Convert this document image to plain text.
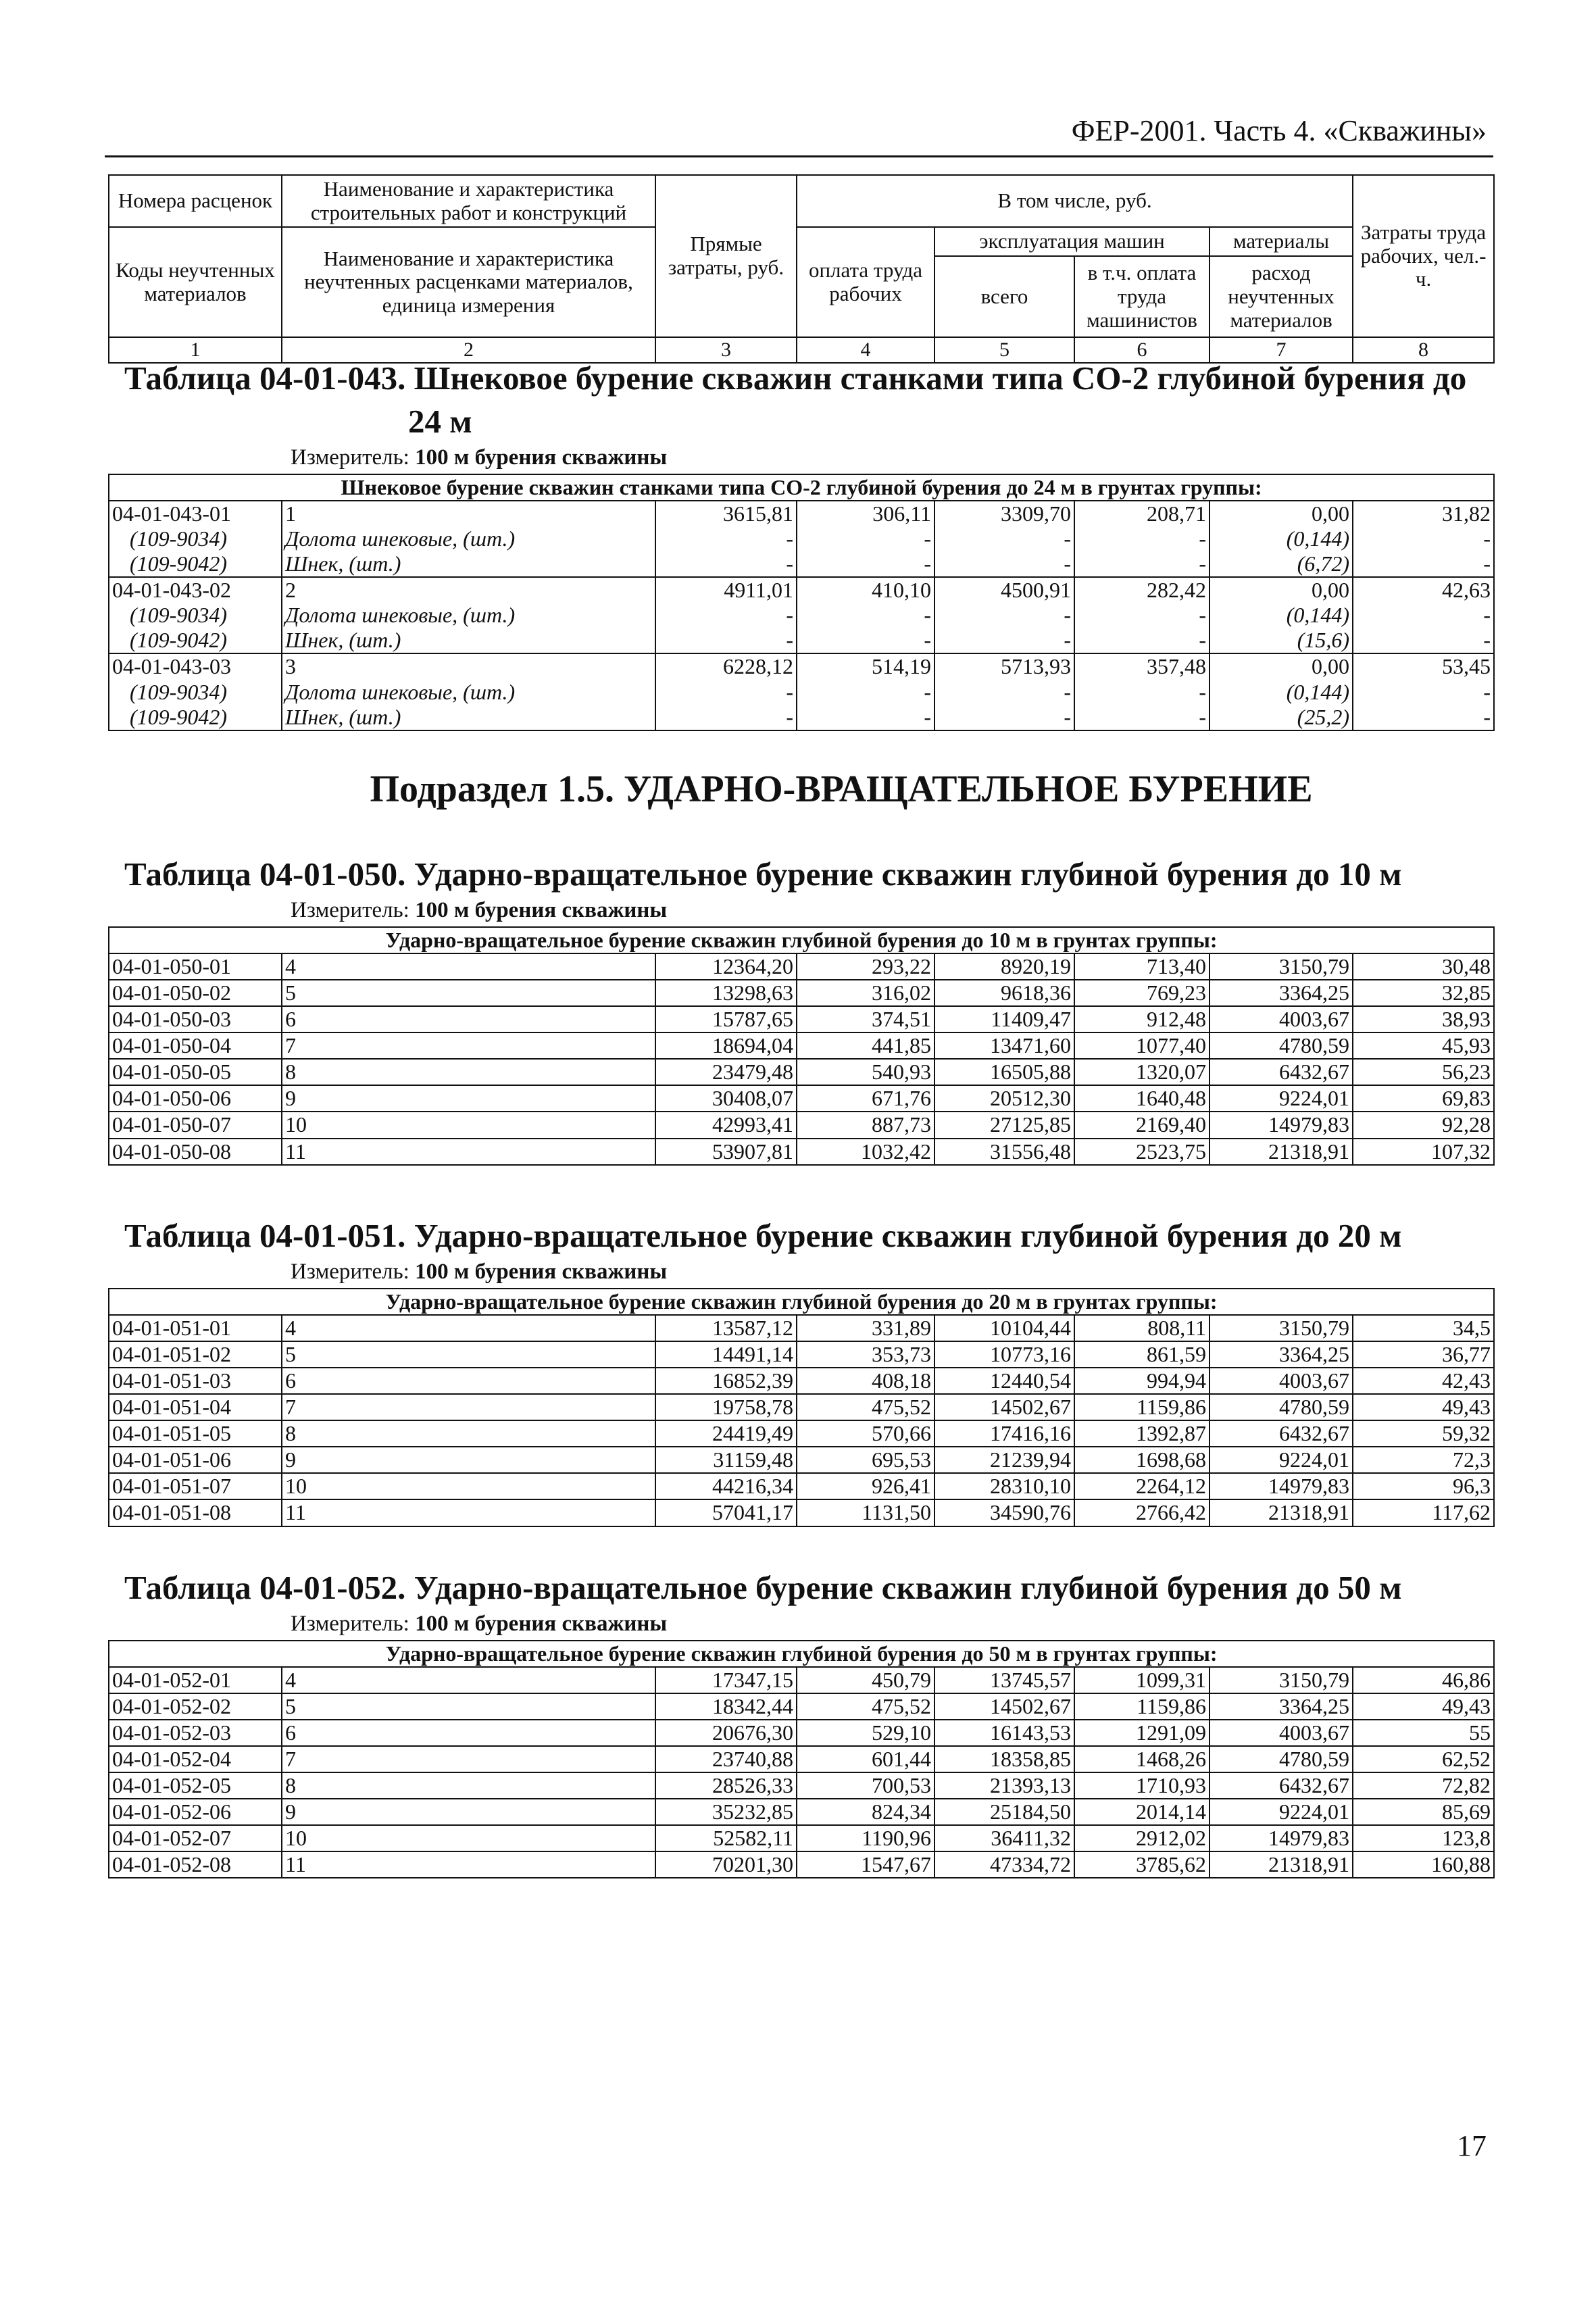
ФЕР-2001. Часть 4. «Скважины»
Номера расценок	Наименование и характеристика строительных работ и конструкций	Прямые затраты, руб.	В том числе, руб.				Затраты труда рабочих, чел.-ч.
Коды неучтенных материалов	Наименование и характеристика неучтенных расценками материалов, единица измерения		оплата труда рабочих	эксплуатация машин		материалы	
				всего	в т.ч. оплата труда машинистов	расход неучтенных материалов	

1	2	3	4	5	6	7	8

Таблица 04-01-043. Шнековое бурение скважин станками типа СО-2 глубиной бурения до
24 м

Измеритель: 100 м бурения скважины

Шнековое бурение скважин станками типа СО-2 глубиной бурения до 24 м в грунтах группы:							
04-01-043-01	1	3615,81	306,11	3309,70	208,71	0,00	31,82
(109-9034)	Долота шнековые, (шт.)	-	-	-	-	(0,144)	-
(109-9042)	Шнек, (шт.)	-	-	-	-	(6,72)	-
04-01-043-02	2	4911,01	410,10	4500,91	282,42	0,00	42,63
(109-9034)	Долота шнековые, (шт.)	-	-	-	-	(0,144)	-
(109-9042)	Шнек, (шт.)	-	-	-	-	(15,6)	-
04-01-043-03	3	6228,12	514,19	5713,93	357,48	0,00	53,45
(109-9034)	Долота шнековые, (шт.)	-	-	-	-	(0,144)	-
(109-9042)	Шнек, (шт.)	-	-	-	-	(25,2)	-
Подраздел 1.5. УДАРНО-ВРАЩАТЕЛЬНОЕ БУРЕНИЕ

Таблица 04-01-050. Ударно-вращательное бурение скважин глубиной бурения до 10 м

Измеритель: 100 м бурения скважины

Ударно-вращательное бурение скважин глубиной бурения до 10 м в грунтах группы:							
04-01-050-01	4	12364,20	293,22	8920,19	713,40	3150,79	30,48
04-01-050-02	5	13298,63	316,02	9618,36	769,23	3364,25	32,85
04-01-050-03	6	15787,65	374,51	11409,47	912,48	4003,67	38,93
04-01-050-04	7	18694,04	441,85	13471,60	1077,40	4780,59	45,93
04-01-050-05	8	23479,48	540,93	16505,88	1320,07	6432,67	56,23
04-01-050-06	9	30408,07	671,76	20512,30	1640,48	9224,01	69,83
04-01-050-07	10	42993,41	887,73	27125,85	2169,40	14979,83	92,28
04-01-050-08	11	53907,81	1032,42	31556,48	2523,75	21318,91	107,32

Таблица 04-01-051. Ударно-вращательное бурение скважин глубиной бурения до 20 м

Измеритель: 100 м бурения скважины

Ударно-вращательное бурение скважин глубиной бурения до 20 м в грунтах группы:							
04-01-051-01	4	13587,12	331,89	10104,44	808,11	3150,79	34,5
04-01-051-02	5	14491,14	353,73	10773,16	861,59	3364,25	36,77
04-01-051-03	6	16852,39	408,18	12440,54	994,94	4003,67	42,43
04-01-051-04	7	19758,78	475,52	14502,67	1159,86	4780,59	49,43
04-01-051-05	8	24419,49	570,66	17416,16	1392,87	6432,67	59,32
04-01-051-06	9	31159,48	695,53	21239,94	1698,68	9224,01	72,3
04-01-051-07	10	44216,34	926,41	28310,10	2264,12	14979,83	96,3
04-01-051-08	11	57041,17	1131,50	34590,76	2766,42	21318,91	117,62

Таблица 04-01-052. Ударно-вращательное бурение скважин глубиной бурения до 50 м

Измеритель: 100 м бурения скважины

Ударно-вращательное бурение скважин глубиной бурения до 50 м в грунтах группы:							
04-01-052-01	4	17347,15	450,79	13745,57	1099,31	3150,79	46,86
04-01-052-02	5	18342,44	475,52	14502,67	1159,86	3364,25	49,43
04-01-052-03	6	20676,30	529,10	16143,53	1291,09	4003,67	55
04-01-052-04	7	23740,88	601,44	18358,85	1468,26	4780,59	62,52
04-01-052-05	8	28526,33	700,53	21393,13	1710,93	6432,67	72,82
04-01-052-06	9	35232,85	824,34	25184,50	2014,14	9224,01	85,69
04-01-052-07	10	52582,11	1190,96	36411,32	2912,02	14979,83	123,8
04-01-052-08	11	70201,30	1547,67	47334,72	3785,62	21318,91	160,88
17
